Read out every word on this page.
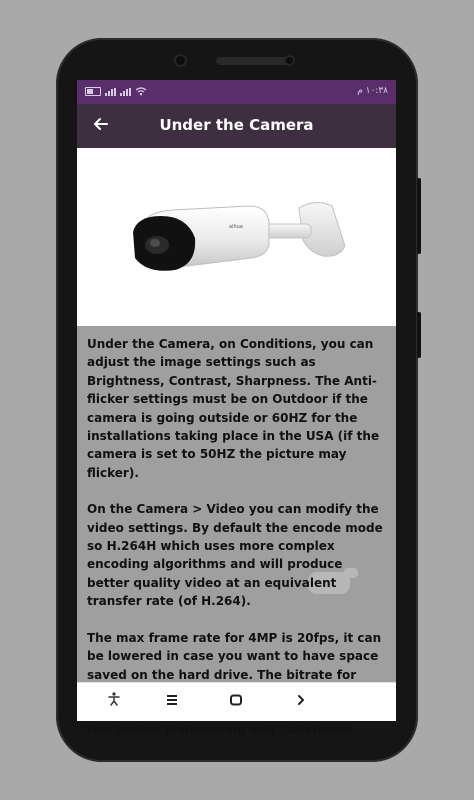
١٠:٣٨ م
Under the Camera
alhua

Under the Camera, on Conditions, you can adjust the image settings such as Brightness, Contrast, Sharpness. The Anti-flicker settings must be on Outdoor if the camera is going outside or 60HZ for the installations taking place in the USA (if the camera is set to 50HZ the picture may flicker).

On the Camera > Video you can modify the video settings. By default the encode mode so H.264H which uses more complex encoding algorithms and will produce better quality video at an equivalent transfer rate (of H.264).

The max frame rate for 4MP is 20fps, it can be lowered in case you want to have space saved on the hard drive. The bitrate for two modes Mainstream and Substream.
